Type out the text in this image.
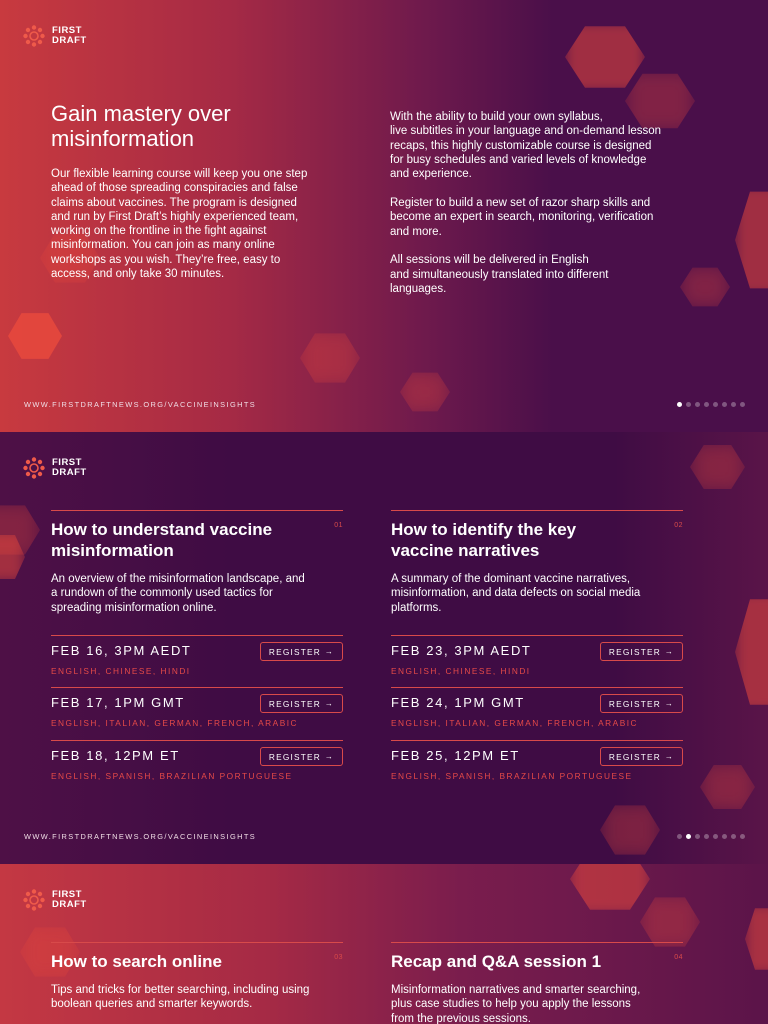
FIRST
DRAFT
Gain mastery over misinformation

Our flexible learning course will keep you one step ahead of those spreading conspiracies and false claims about vaccines. The program is designed and run by First Draft’s highly experienced team, working on the frontline in the fight against misinformation. You can join as many online workshops as you wish. They’re free, easy to access, and only take 30 minutes.

With the ability to build your own syllabus,
live subtitles in your language and on-demand lesson recaps, this highly customizable course is designed for busy schedules and varied levels of knowledge and experience.

Register to build a new set of razor sharp skills and become an expert in search, monitoring, verification and more.

All sessions will be delivered in English
and simultaneously translated into different languages.

WWW.FIRSTDRAFTNEWS.ORG/VACCINEINSIGHTS
FIRST
DRAFT
01
How to understand vaccine misinformation

An overview of the misinformation landscape, and a rundown of the commonly used tactics for spreading misinformation online.

FEB 16, 3PM AEDT	REGISTER →
ENGLISH, CHINESE, HINDI
FEB 17, 1PM GMT	REGISTER →
ENGLISH, ITALIAN, GERMAN, FRENCH, ARABIC
FEB 18, 12PM ET	REGISTER →
ENGLISH, SPANISH, BRAZILIAN PORTUGUESE
02
How to identify the key vaccine narratives

A summary of the dominant vaccine narratives, misinformation, and data defects on social media platforms.

FEB 23, 3PM AEDT	REGISTER →
ENGLISH, CHINESE, HINDI
FEB 24, 1PM GMT	REGISTER →
ENGLISH, ITALIAN, GERMAN, FRENCH, ARABIC
FEB 25, 12PM ET	REGISTER →
ENGLISH, SPANISH, BRAZILIAN PORTUGUESE
WWW.FIRSTDRAFTNEWS.ORG/VACCINEINSIGHTS
FIRST
DRAFT
03
How to search online

Tips and tricks for better searching, including using boolean queries and smarter keywords.

04
Recap and Q&A session 1

Misinformation narratives and smarter searching, plus case studies to help you apply the lessons from the previous sessions.
